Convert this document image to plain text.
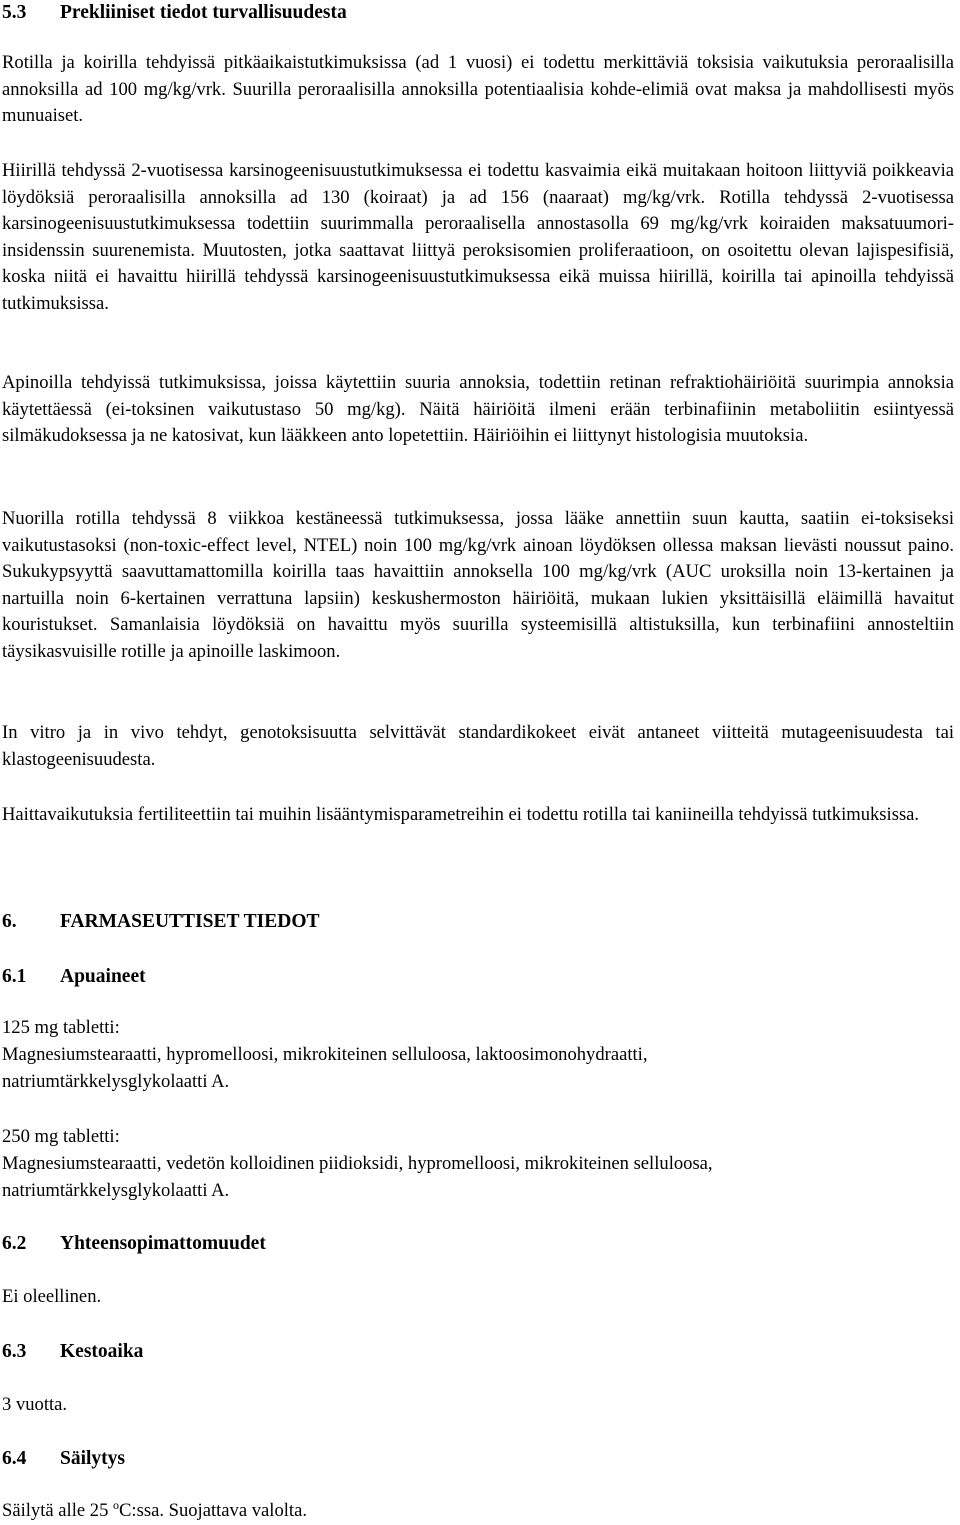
5.3 Prekliiniset tiedot turvallisuudesta

Rotilla ja koirilla tehdyissä pitkäaikaistutkimuksissa (ad 1 vuosi) ei todettu merkittäviä toksisia vaikutuksia peroraalisilla annoksilla ad 100 mg/kg/vrk. Suurilla peroraalisilla annoksilla potentiaalisia kohde-elimiä ovat maksa ja mahdollisesti myös munuaiset.

Hiirillä tehdyssä 2-vuotisessa karsinogeenisuustutkimuksessa ei todettu kasvaimia eikä muitakaan hoitoon liittyviä poikkeavia löydöksiä peroraalisilla annoksilla ad 130 (koiraat) ja ad 156 (naaraat) mg/kg/vrk. Rotilla tehdyssä 2-vuotisessa karsinogeenisuustutkimuksessa todettiin suurimmalla peroraalisella annostasolla 69 mg/kg/vrk koiraiden maksatuumori-insidenssin suurenemista. Muutosten, jotka saattavat liittyä peroksisomien proliferaatioon, on osoitettu olevan lajispesifisiä, koska niitä ei havaittu hiirillä tehdyssä karsinogeenisuustutkimuksessa eikä muissa hiirillä, koirilla tai apinoilla tehdyissä tutkimuksissa.

Apinoilla tehdyissä tutkimuksissa, joissa käytettiin suuria annoksia, todettiin retinan refraktiohäiriöitä suurimpia annoksia käytettäessä (ei-toksinen vaikutustaso 50 mg/kg). Näitä häiriöitä ilmeni erään terbinafiinin metaboliitin esiintyessä silmäkudoksessa ja ne katosivat, kun lääkkeen anto lopetettiin. Häiriöihin ei liittynyt histologisia muutoksia.

Nuorilla rotilla tehdyssä 8 viikkoa kestäneessä tutkimuksessa, jossa lääke annettiin suun kautta, saatiin ei-toksiseksi vaikutustasoksi (non-toxic-effect level, NTEL) noin 100 mg/kg/vrk ainoan löydöksen ollessa maksan lievästi noussut paino. Sukukypsyyttä saavuttamattomilla koirilla taas havaittiin annoksella 100 mg/kg/vrk (AUC uroksilla noin 13-kertainen ja nartuilla noin 6-kertainen verrattuna lapsiin) keskushermoston häiriöitä, mukaan lukien yksittäisillä eläimillä havaitut kouristukset. Samanlaisia löydöksiä on havaittu myös suurilla systeemisillä altistuksilla, kun terbinafiini annosteltiin täysikasvuisille rotille ja apinoille laskimoon.

In vitro ja in vivo tehdyt, genotoksisuutta selvittävät standardikokeet eivät antaneet viitteitä mutageenisuudesta tai klastogeenisuudesta.

Haittavaikutuksia fertiliteettiin tai muihin lisääntymisparametreihin ei todettu rotilla tai kaniineilla tehdyissä tutkimuksissa.

6. FARMASEUTTISET TIEDOT
6.1 Apuaineet

125 mg tabletti:

Magnesiumstearaatti, hypromelloosi, mikrokiteinen selluloosa, laktoosimonohydraatti,

natriumtärkkelysglykolaatti A.

250 mg tabletti:

Magnesiumstearaatti, vedetön kolloidinen piidioksidi, hypromelloosi, mikrokiteinen selluloosa,

natriumtärkkelysglykolaatti A.

6.2 Yhteensopimattomuudet

Ei oleellinen.

6.3 Kestoaika

3 vuotta.

6.4 Säilytys

Säilytä alle 25 $^o$C:ssa. Suojattava valolta.
